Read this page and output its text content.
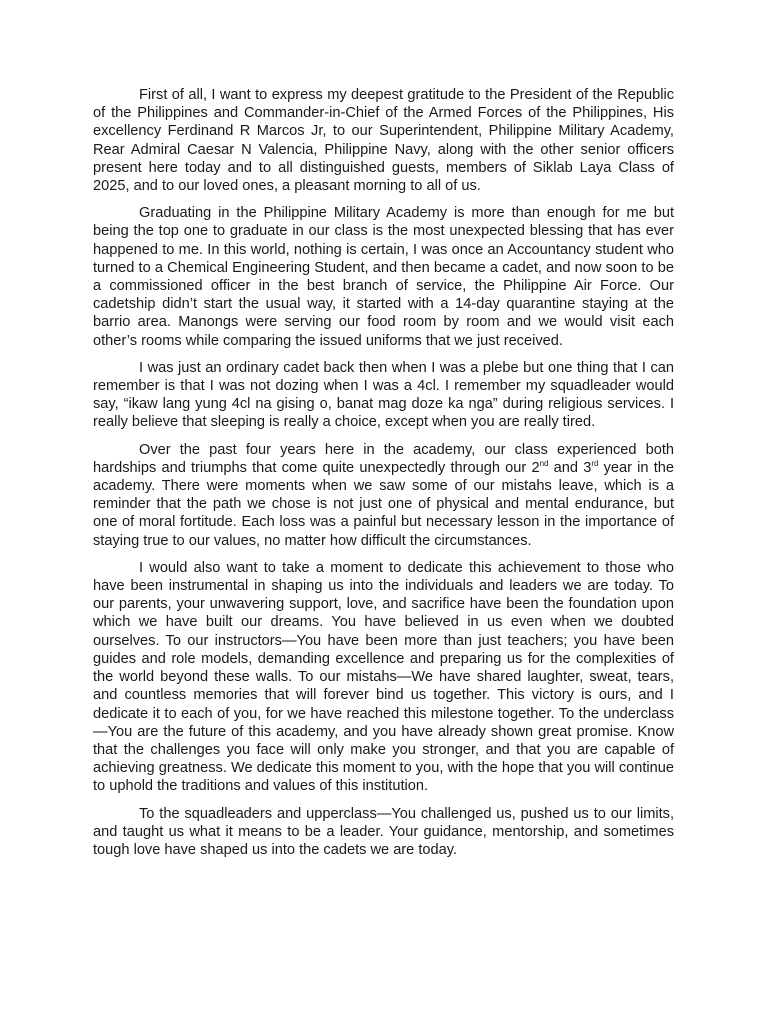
First of all, I want to express my deepest gratitude to the President of the Republic of the Philippines and Commander-in-Chief of the Armed Forces of the Philippines, His excellency Ferdinand R Marcos Jr, to our Superintendent, Philippine Military Academy, Rear Admiral Caesar N Valencia, Philippine Navy, along with the other senior officers present here today and to all distinguished guests, members of Siklab Laya Class of 2025, and to our loved ones, a pleasant morning to all of us.

Graduating in the Philippine Military Academy is more than enough for me but being the top one to graduate in our class is the most unexpected blessing that has ever happened to me. In this world, nothing is certain, I was once an Accountancy student who turned to a Chemical Engineering Student, and then became a cadet, and now soon to be a commissioned officer in the best branch of service, the Philippine Air Force. Our cadetship didn’t start the usual way, it started with a 14-day quarantine staying at the barrio area. Manongs were serving our food room by room and we would visit each other’s rooms while comparing the issued uniforms that we just received.

I was just an ordinary cadet back then when I was a plebe but one thing that I can remember is that I was not dozing when I was a 4cl. I remember my squadleader would say, “ikaw lang yung 4cl na gising o, banat mag doze ka nga” during religious services. I really believe that sleeping is really a choice, except when you are really tired.

Over the past four years here in the academy, our class experienced both hardships and triumphs that come quite unexpectedly through our 2nd and 3rd year in the academy. There were moments when we saw some of our mistahs leave, which is a reminder that the path we chose is not just one of physical and mental endurance, but one of moral fortitude. Each loss was a painful but necessary lesson in the importance of staying true to our values, no matter how difficult the circumstances.

I would also want to take a moment to dedicate this achievement to those who have been instrumental in shaping us into the individuals and leaders we are today. To our parents, your unwavering support, love, and sacrifice have been the foundation upon which we have built our dreams. You have believed in us even when we doubted ourselves. To our instructors—You have been more than just teachers; you have been guides and role models, demanding excellence and preparing us for the complexities of the world beyond these walls. To our mistahs—We have shared laughter, sweat, tears, and countless memories that will forever bind us together. This victory is ours, and I dedicate it to each of you, for we have reached this milestone together. To the underclass—You are the future of this academy, and you have already shown great promise. Know that the challenges you face will only make you stronger, and that you are capable of achieving greatness. We dedicate this moment to you, with the hope that you will continue to uphold the traditions and values of this institution.

To the squadleaders and upperclass—You challenged us, pushed us to our limits, and taught us what it means to be a leader. Your guidance, mentorship, and sometimes tough love have shaped us into the cadets we are today.
